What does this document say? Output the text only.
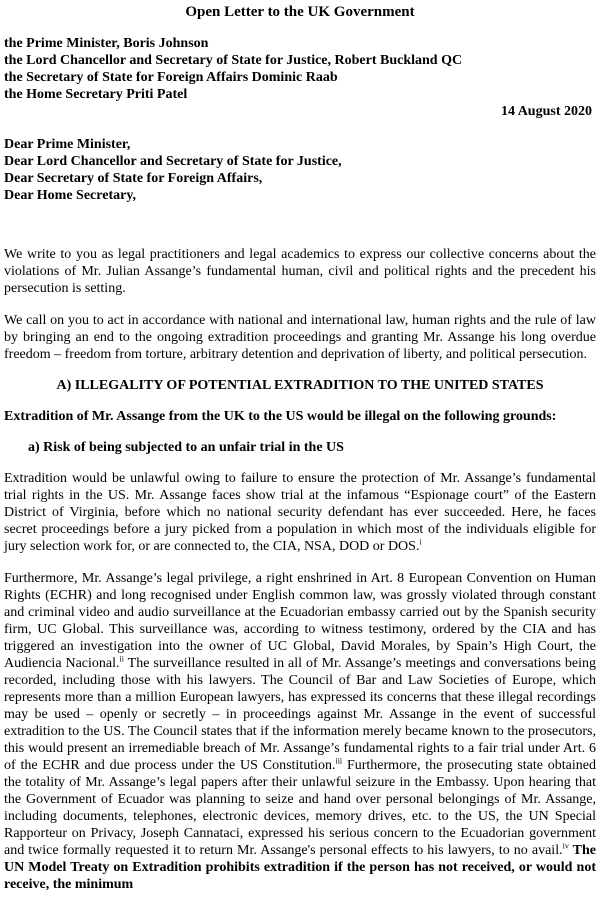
Open Letter to the UK Government
the Prime Minister, Boris Johnson
the Lord Chancellor and Secretary of State for Justice, Robert Buckland QC
the Secretary of State for Foreign Affairs Dominic Raab
the Home Secretary Priti Patel
14 August 2020
Dear Prime Minister,
Dear Lord Chancellor and Secretary of State for Justice,
Dear Secretary of State for Foreign Affairs,
Dear Home Secretary,

We write to you as legal practitioners and legal academics to express our collective concerns about the violations of Mr. Julian Assange’s fundamental human, civil and political rights and the precedent his persecution is setting.

We call on you to act in accordance with national and international law, human rights and the rule of law by bringing an end to the ongoing extradition proceedings and granting Mr. Assange his long overdue freedom – freedom from torture, arbitrary detention and deprivation of liberty, and political persecution.

A) ILLEGALITY OF POTENTIAL EXTRADITION TO THE UNITED STATES
Extradition of Mr. Assange from the UK to the US would be illegal on the following grounds:
a) Risk of being subjected to an unfair trial in the US

Extradition would be unlawful owing to failure to ensure the protection of Mr. Assange’s fundamental trial rights in the US. Mr. Assange faces show trial at the infamous “Espionage court” of the Eastern District of Virginia, before which no national security defendant has ever succeeded. Here, he faces secret proceedings before a jury picked from a population in which most of the individuals eligible for jury selection work for, or are connected to, the CIA, NSA, DOD or DOS.$^i$

Furthermore, Mr. Assange’s legal privilege, a right enshrined in Art. 8 European Convention on Human Rights (ECHR) and long recognised under English common law, was grossly violated through constant and criminal video and audio surveillance at the Ecuadorian embassy carried out by the Spanish security firm, UC Global. This surveillance was, according to witness testimony, ordered by the CIA and has triggered an investigation into the owner of UC Global, David Morales, by Spain’s High Court, the Audiencia Nacional.$^{ii}$ The surveillance resulted in all of Mr. Assange’s meetings and conversations being recorded, including those with his lawyers. The Council of Bar and Law Societies of Europe, which represents more than a million European lawyers, has expressed its concerns that these illegal recordings may be used – openly or secretly – in proceedings against Mr. Assange in the event of successful extradition to the US. The Council states that if the information merely became known to the prosecutors, this would present an irremediable breach of Mr. Assange’s fundamental rights to a fair trial under Art. 6 of the ECHR and due process under the US Constitution.$^{iii}$ Furthermore, the prosecuting state obtained the totality of Mr. Assange’s legal papers after their unlawful seizure in the Embassy. Upon hearing that the Government of Ecuador was planning to seize and hand over personal belongings of Mr. Assange, including documents, telephones, electronic devices, memory drives, etc. to the US, the UN Special Rapporteur on Privacy, Joseph Cannataci, expressed his serious concern to the Ecuadorian government and twice formally requested it to return Mr. Assange's personal effects to his lawyers, to no avail.$^{iv}$ The UN Model Treaty on Extradition prohibits extradition if the person has not received, or would not receive, the minimum
